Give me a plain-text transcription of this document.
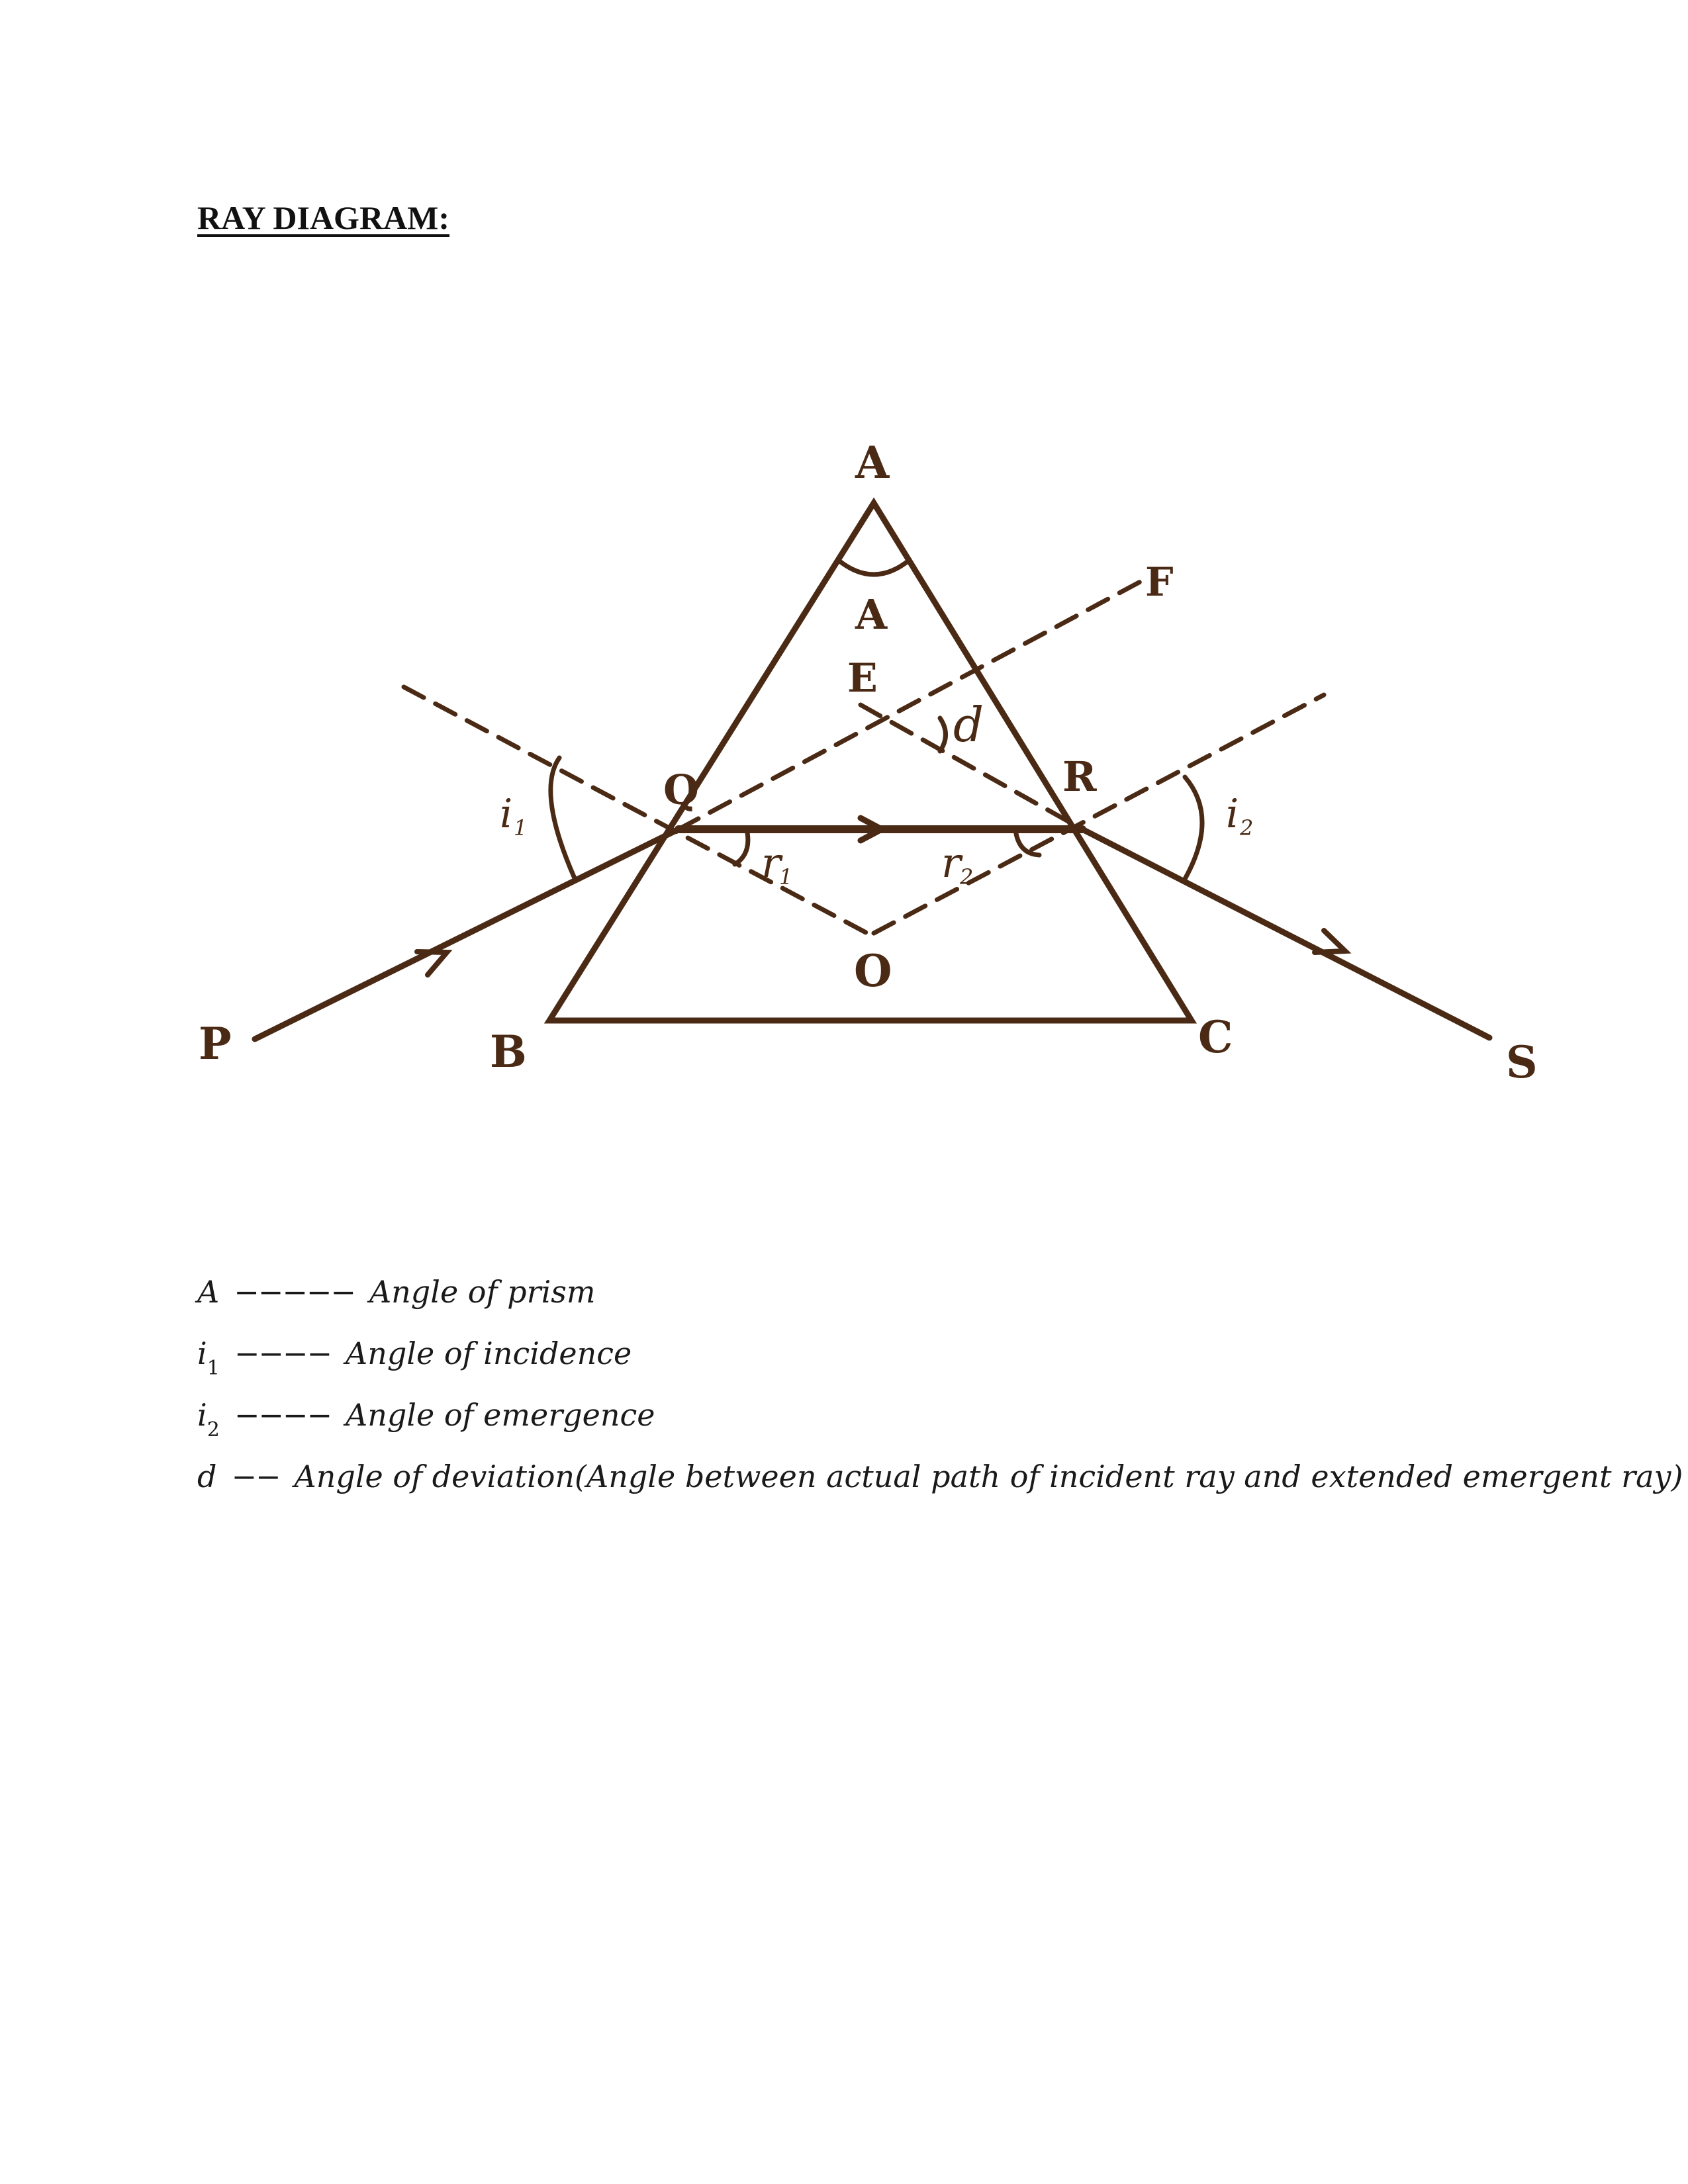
RAY DIAGRAM:
A
B	C
E
F
O
P
Q	R
S
A
d
i 1	i 2
r
1	r
2
A −−−−− Angle of prism
$i_1$ −−−− Angle of incidence
$i_2$ −−−− Angle of emergence
d −− Angle of deviation(Angle between actual path of incident ray and extended emergent ray)
